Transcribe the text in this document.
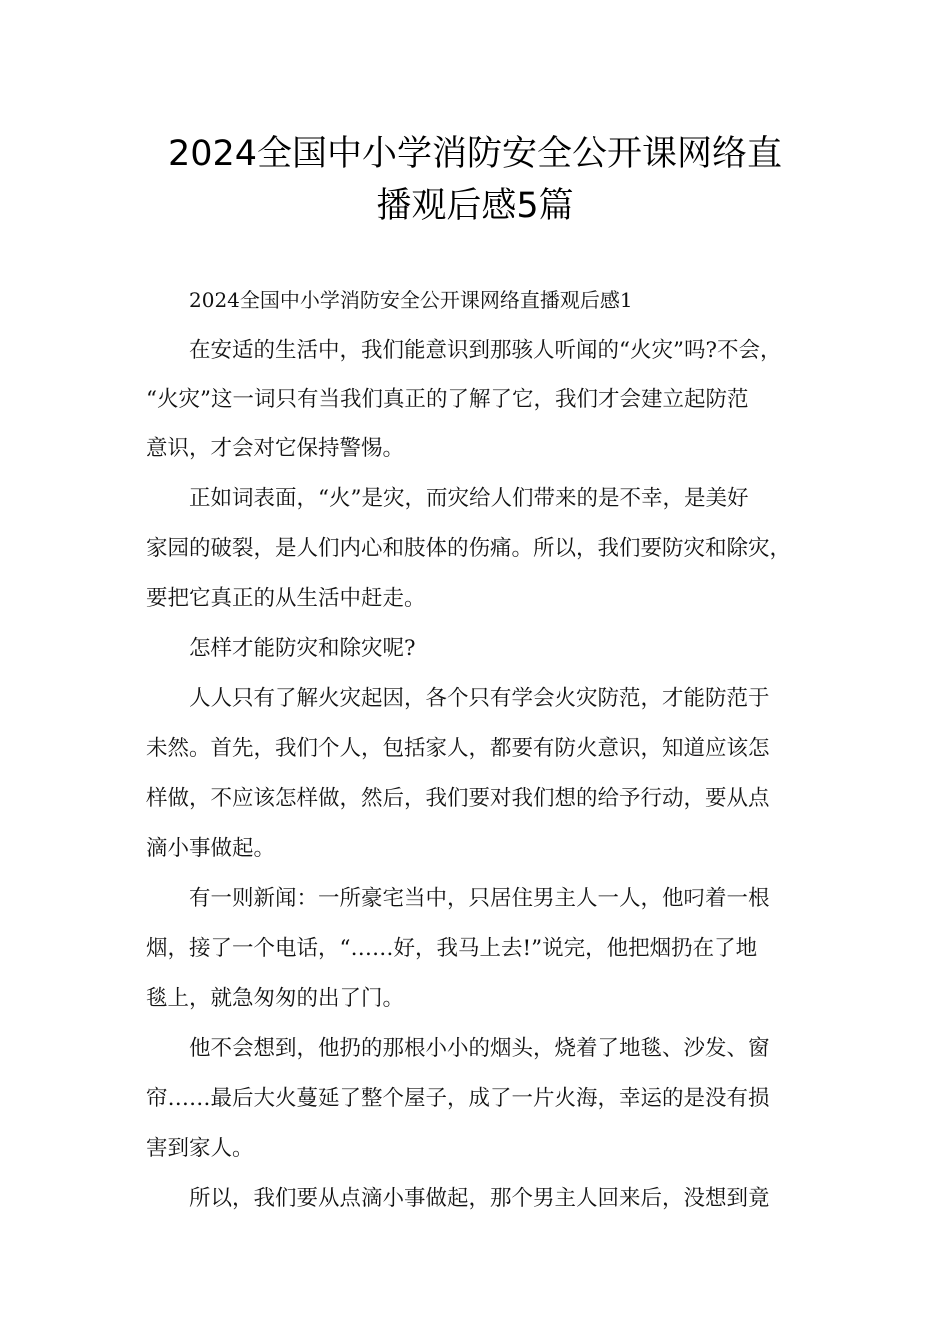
2024全国中小学消防安全公开课网络直
播观后感5篇
2024全国中小学消防安全公开课网络直播观后感1
在安适的生活中，我们能意识到那骇人听闻的“火灾”吗?不会，
“火灾”这一词只有当我们真正的了解了它，我们才会建立起防范
意识，才会对它保持警惕。
正如词表面，“火”是灾，而灾给人们带来的是不幸，是美好
家园的破裂，是人们内心和肢体的伤痛。所以，我们要防灾和除灾，
要把它真正的从生活中赶走。
怎样才能防灾和除灾呢?
人人只有了解火灾起因，各个只有学会火灾防范，才能防范于
未然。首先，我们个人，包括家人，都要有防火意识，知道应该怎
样做，不应该怎样做，然后，我们要对我们想的给予行动，要从点
滴小事做起。
有一则新闻：一所豪宅当中，只居住男主人一人，他叼着一根
烟，接了一个电话，“……好，我马上去!”说完，他把烟扔在了地
毯上，就急匆匆的出了门。
他不会想到，他扔的那根小小的烟头，烧着了地毯、沙发、窗
帘……最后大火蔓延了整个屋子，成了一片火海，幸运的是没有损
害到家人。
所以，我们要从点滴小事做起，那个男主人回来后，没想到竟
